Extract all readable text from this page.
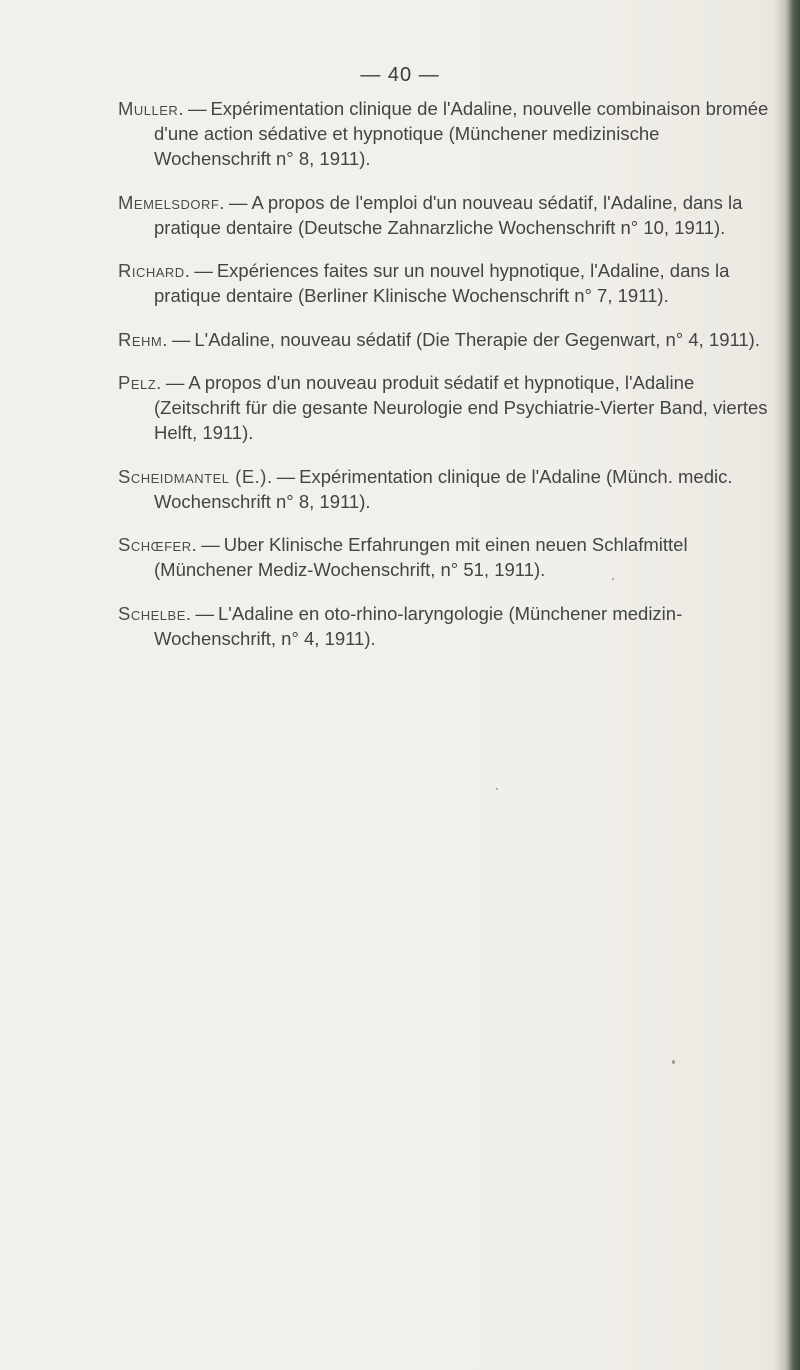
— 40 —

Muller. — Expérimentation clinique de l'Adaline, nouvelle combinaison bromée d'une action sédative et hypnotique (Münchener medizinische Wochenschrift n° 8, 1911).

Memelsdorf. — A propos de l'emploi d'un nouveau sédatif, l'Adaline, dans la pratique dentaire (Deutsche Zahnarzliche Wochenschrift n° 10, 1911).

Richard. — Expériences faites sur un nouvel hypnotique, l'Adaline, dans la pratique dentaire (Berliner Klinische Wochenschrift n° 7, 1911).

Rehm. — L'Adaline, nouveau sédatif (Die Therapie der Gegenwart, n° 4, 1911).

Pelz. — A propos d'un nouveau produit sédatif et hypnotique, l'Adaline (Zeitschrift für die gesante Neurologie end Psychiatrie-Vierter Band, viertes Helft, 1911).

Scheidmantel (E.). — Expérimentation clinique de l'Adaline (Münch. medic. Wochenschrift n° 8, 1911).

Schœfer. — Uber Klinische Erfahrungen mit einen neuen Schlafmittel (Münchener Mediz-Wochenschrift, n° 51, 1911).

Schelbe. — L'Adaline en oto-rhino-laryngologie (Münchener medizin-Wochenschrift, n° 4, 1911).
